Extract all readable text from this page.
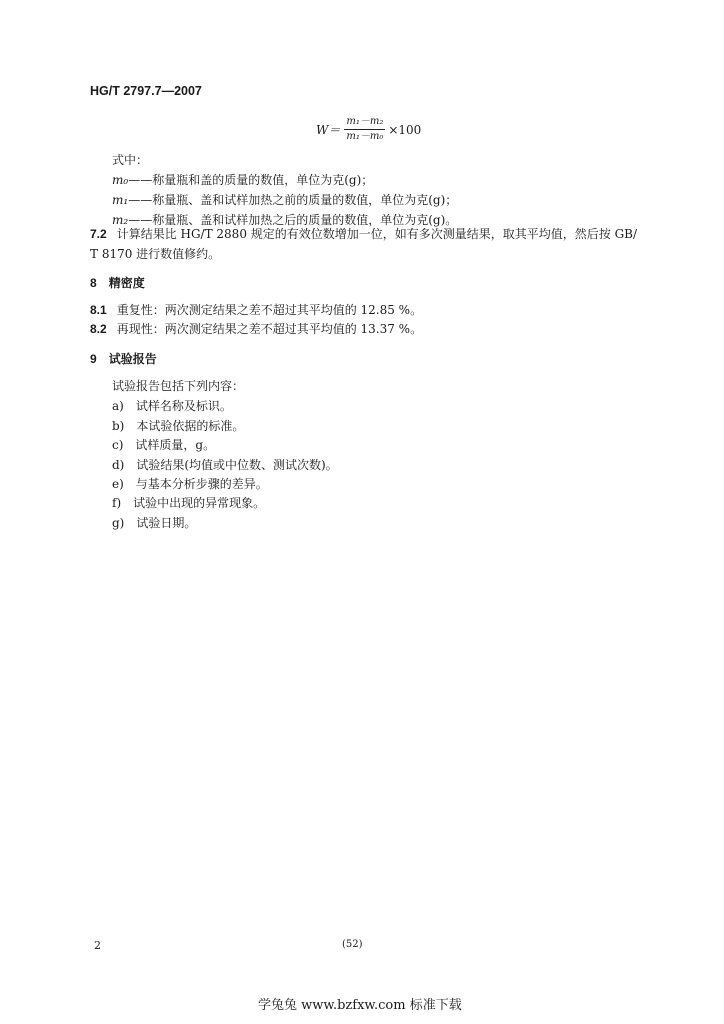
HG/T 2797.7—2007
$W= \frac{\text{m₁－m₂}}{\text{m₁－m₀}} \times 100$
式中：
m₀——称量瓶和盖的质量的数值，单位为克(g)；
m₁——称量瓶、盖和试样加热之前的质量的数值，单位为克(g)；
m₂——称量瓶、盖和试样加热之后的质量的数值，单位为克(g)。
7.2 计算结果比 HG/T 2880 规定的有效位数增加一位，如有多次测量结果，取其平均值，然后按 GB/
T 8170 进行数值修约。
8 精密度
8.1 重复性：两次测定结果之差不超过其平均值的 12.85 %。
8.2 再现性：两次测定结果之差不超过其平均值的 13.37 %。
9 试验报告
试验报告包括下列内容：
a) 试样名称及标识。
b) 本试验依据的标准。
c) 试样质量，g。
d) 试验结果(均值或中位数、测试次数)。
e) 与基本分析步骤的差异。
f) 试验中出现的异常现象。
g) 试验日期。
2	(52)
学兔兔 www.bzfxw.com 标准下载
